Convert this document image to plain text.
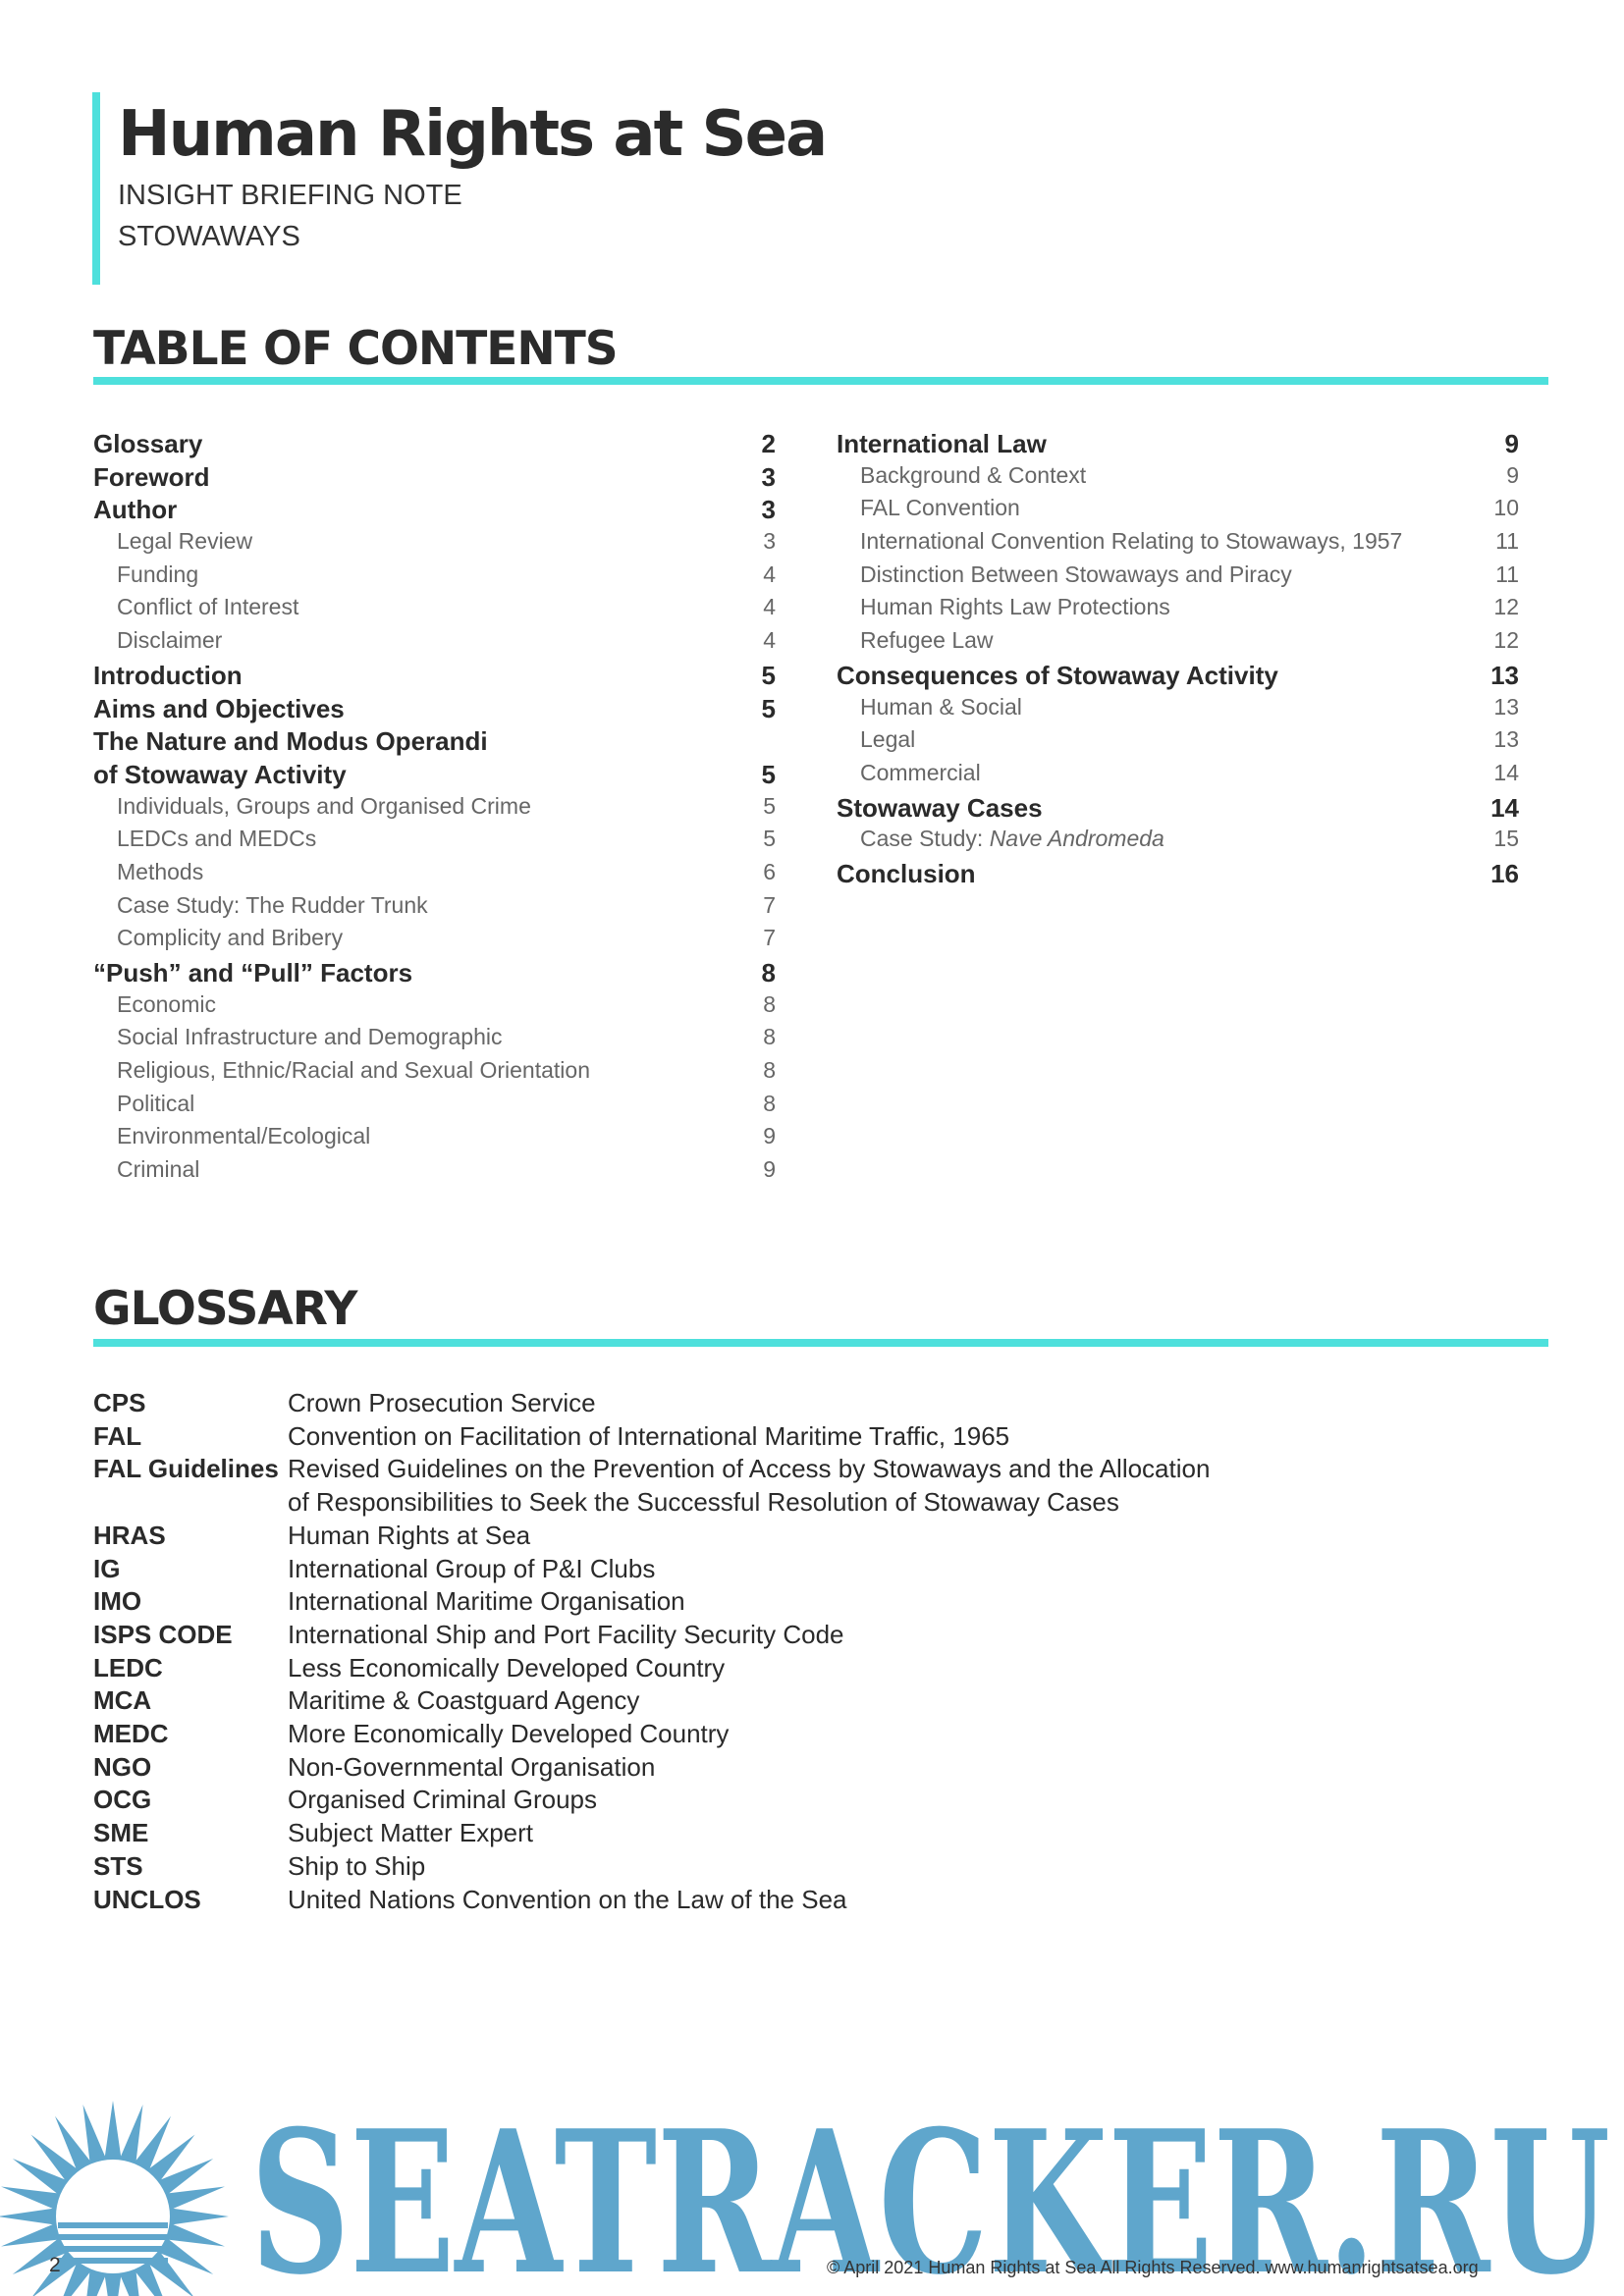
Human Rights at Sea
INSIGHT BRIEFING NOTE
STOWAWAYS
TABLE OF CONTENTS
Glossary	2
Foreword	3
Author	3
Legal Review	3
Funding	4
Conflict of Interest	4
Disclaimer	4
Introduction	5
Aims and Objectives	5
The Nature and Modus Operandi
of Stowaway Activity	5
Individuals, Groups and Organised Crime	5
LEDCs and MEDCs	5
Methods	6
Case Study: The Rudder Trunk	7
Complicity and Bribery	7
“Push” and “Pull” Factors	8
Economic	8
Social Infrastructure and Demographic	8
Religious, Ethnic/Racial and Sexual Orientation	8
Political	8
Environmental/Ecological	9
Criminal	9
International Law	9
Background & Context	9
FAL Convention	10
International Convention Relating to Stowaways, 1957	11
Distinction Between Stowaways and Piracy	11
Human Rights Law Protections	12
Refugee Law	12
Consequences of Stowaway Activity	13
Human & Social	13
Legal	13
Commercial	14
Stowaway Cases	14
Case Study: Nave Andromeda	15
Conclusion	16
GLOSSARY
CPS	Crown Prosecution Service
FAL	Convention on Facilitation of International Maritime Traffic, 1965
FAL Guidelines Revised Guidelines on the Prevention of Access by Stowaways and the Allocation
of Responsibilities to Seek the Successful Resolution of Stowaway Cases
HRAS	Human Rights at Sea
IG	International Group of P&I Clubs
IMO	International Maritime Organisation
ISPS CODE	International Ship and Port Facility Security Code
LEDC	Less Economically Developed Country
MCA	Maritime & Coastguard Agency
MEDC	More Economically Developed Country
NGO	Non-Governmental Organisation
OCG	Organised Criminal Groups
SME	Subject Matter Expert
STS	Ship to Ship
UNCLOS	United Nations Convention on the Law of the Sea
SEATRACKER.RU
2	© April 2021 Human Rights at Sea All Rights Reserved. www.humanrightsatsea.org
